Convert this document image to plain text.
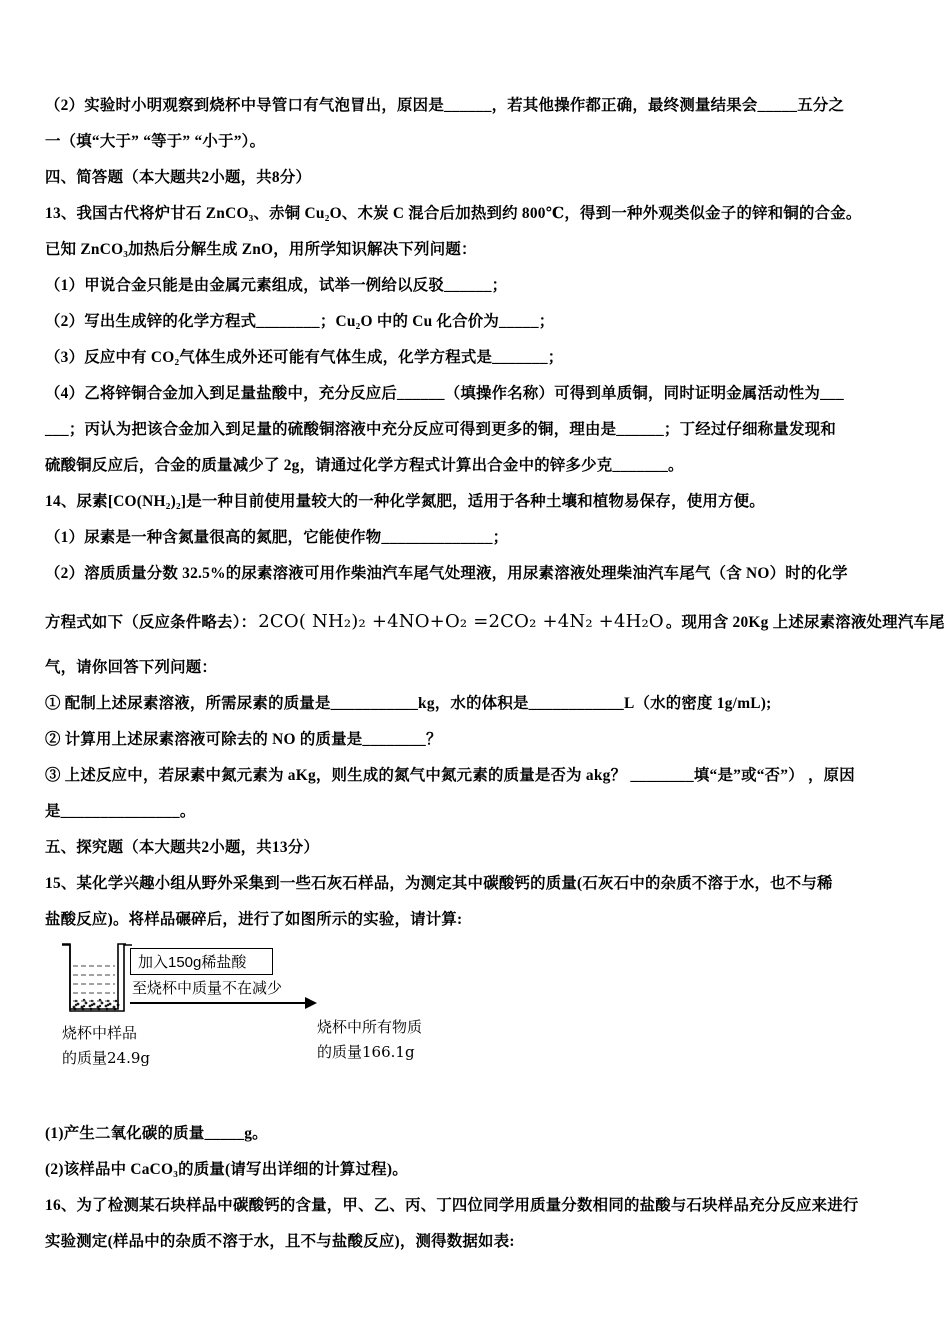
（2）实验时小明观察到烧杯中导管口有气泡冒出，原因是______，若其他操作都正确，最终测量结果会_____五分之
一（填“大于” “等于” “小于”）。
四、简答题（本大题共2小题，共8分）
13、我国古代将炉甘石 ZnCO₃、赤铜 Cu₂O、木炭 C 混合后加热到约 800℃，得到一种外观类似金子的锌和铜的合金。
已知 ZnCO₃加热后分解生成 ZnO，用所学知识解决下列问题：
（1）甲说合金只能是由金属元素组成，试举一例给以反驳______；
（2）写出生成锌的化学方程式________；Cu₂O 中的 Cu 化合价为_____；
（3）反应中有 CO₂气体生成外还可能有气体生成，化学方程式是_______；
（4）乙将锌铜合金加入到足量盐酸中，充分反应后______（填操作名称）可得到单质铜，同时证明金属活动性为___
___；丙认为把该合金加入到足量的硫酸铜溶液中充分反应可得到更多的铜，理由是______；丁经过仔细称量发现和
硫酸铜反应后，合金的质量减少了 2g，请通过化学方程式计算出合金中的锌多少克_______。
14、尿素[CO(NH₂)₂]是一种目前使用量较大的一种化学氮肥，适用于各种土壤和植物易保存，使用方便。
（1）尿素是一种含氮量很高的氮肥，它能使作物______________；
（2）溶质质量分数 32.5%的尿素溶液可用作柴油汽车尾气处理液，用尿素溶液处理柴油汽车尾气（含 NO）时的化学
方程式如下（反应条件略去）： 2CO( NH₂)₂ +4NO+O₂ =2CO₂ +4N₂ +4H₂O 。现用含 20Kg 上述尿素溶液处理汽车尾
气，请你回答下列问题：
① 配制上述尿素溶液，所需尿素的质量是___________kg，水的体积是____________L（水的密度 1g/mL);
② 计算用上述尿素溶液可除去的 NO 的质量是________？
③ 上述反应中，若尿素中氮元素为 aKg，则生成的氮气中氮元素的质量是否为 akg？ ________填“是”或“否”） ，原因
是_______________。
五、探究题（本大题共2小题，共13分）
15、某化学兴趣小组从野外采集到一些石灰石样品，为测定其中碳酸钙的质量(石灰石中的杂质不溶于水，也不与稀
盐酸反应)。将样品碾碎后，进行了如图所示的实验，请计算:
加入150g稀盐酸
至烧杯中质量不在减少
烧杯中样品
的质量24.9g
烧杯中所有物质
的质量166.1g
(1)产生二氧化碳的质量_____g。
(2)该样品中 CaCO₃的质量(请写出详细的计算过程)。
16、为了检测某石块样品中碳酸钙的含量，甲、乙、丙、丁四位同学用质量分数相同的盐酸与石块样品充分反应来进行
实验测定(样品中的杂质不溶于水，且不与盐酸反应)，测得数据如表:
